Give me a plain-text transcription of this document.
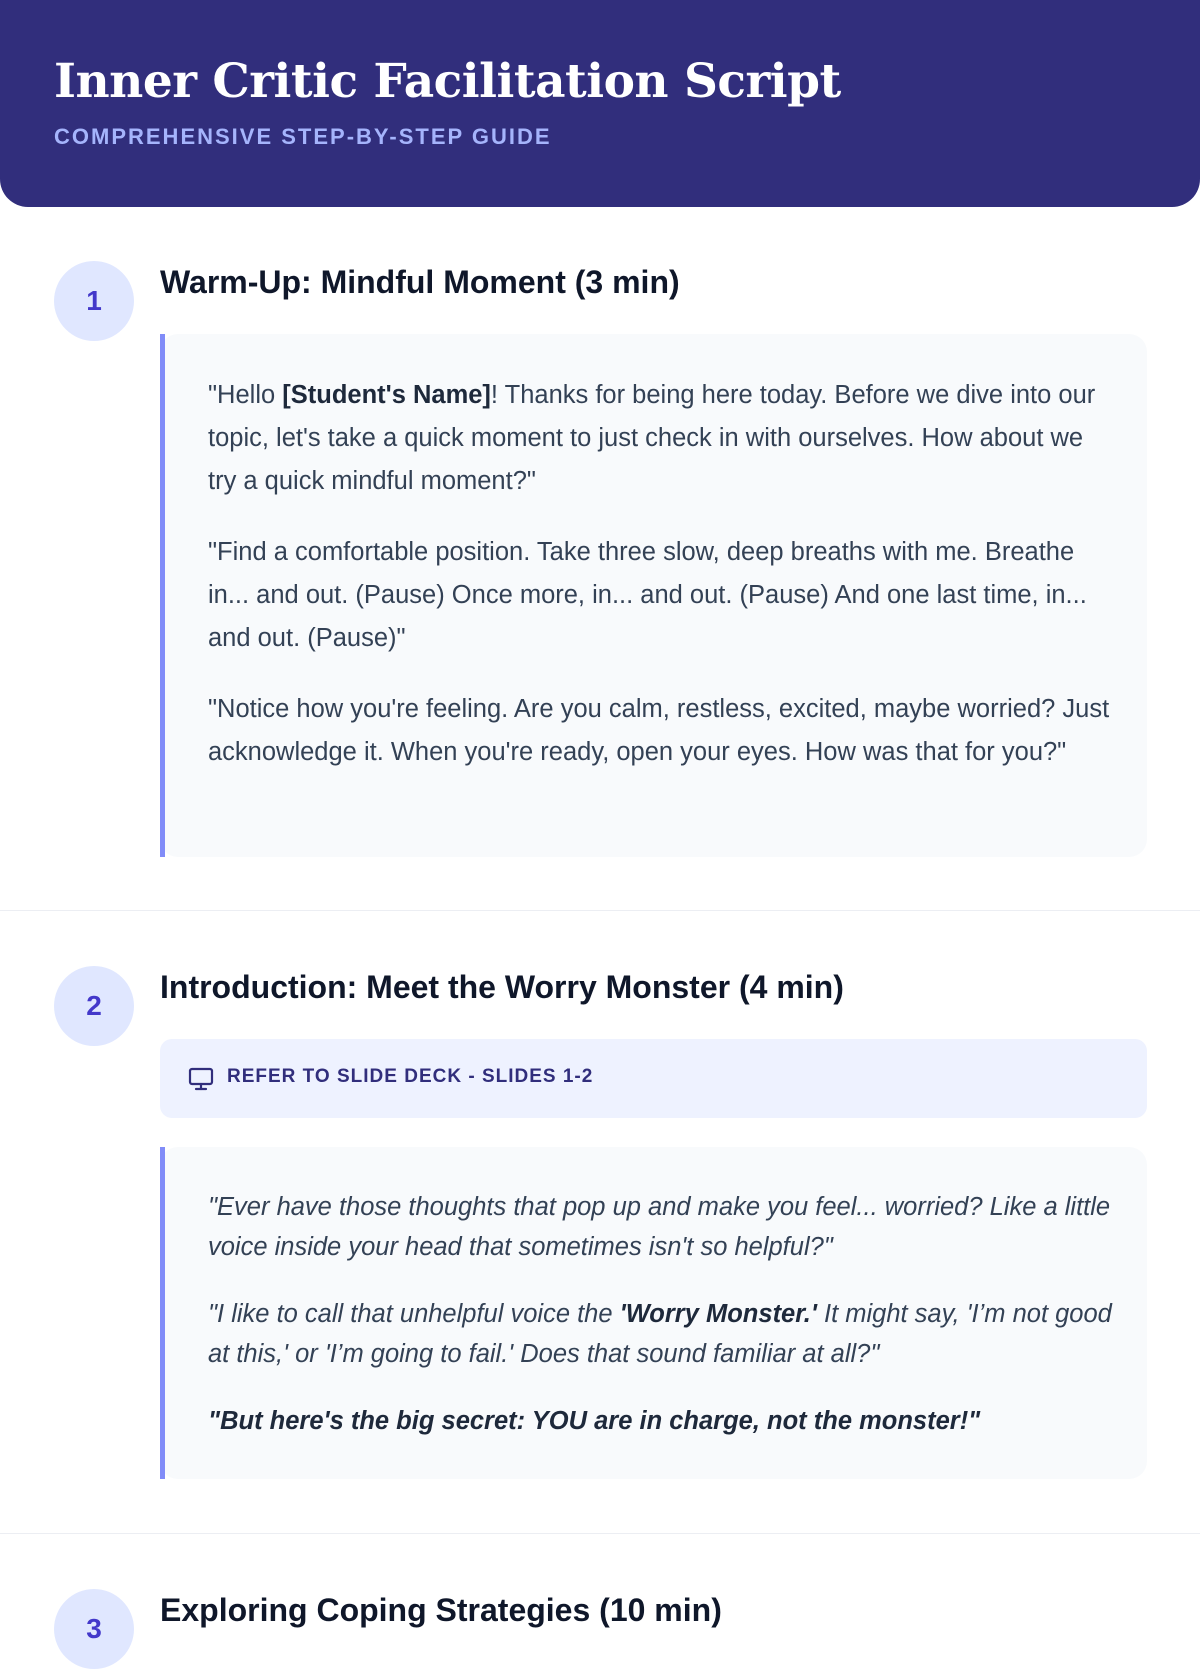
Inner Critic Facilitation Script
COMPREHENSIVE STEP-BY-STEP GUIDE
1
Warm-Up: Mindful Moment (3 min)

"Hello [Student's Name]! Thanks for being here today. Before we dive into our topic, let's take a quick moment to just check in with ourselves. How about we try a quick mindful moment?"

"Find a comfortable position. Take three slow, deep breaths with me. Breathe in... and out. (Pause) Once more, in... and out. (Pause) And one last time, in... and out. (Pause)"

"Notice how you're feeling. Are you calm, restless, excited, maybe worried? Just acknowledge it. When you're ready, open your eyes. How was that for you?"

2
Introduction: Meet the Worry Monster (4 min)
REFER TO SLIDE DECK - SLIDES 1-2

"Ever have those thoughts that pop up and make you feel... worried? Like a little voice inside your head that sometimes isn't so helpful?"

"I like to call that unhelpful voice the 'Worry Monster.' It might say, 'I’m not good at this,' or 'I’m going to fail.' Does that sound familiar at all?"

"But here's the big secret: YOU are in charge, not the monster!"

3
Exploring Coping Strategies (10 min)
